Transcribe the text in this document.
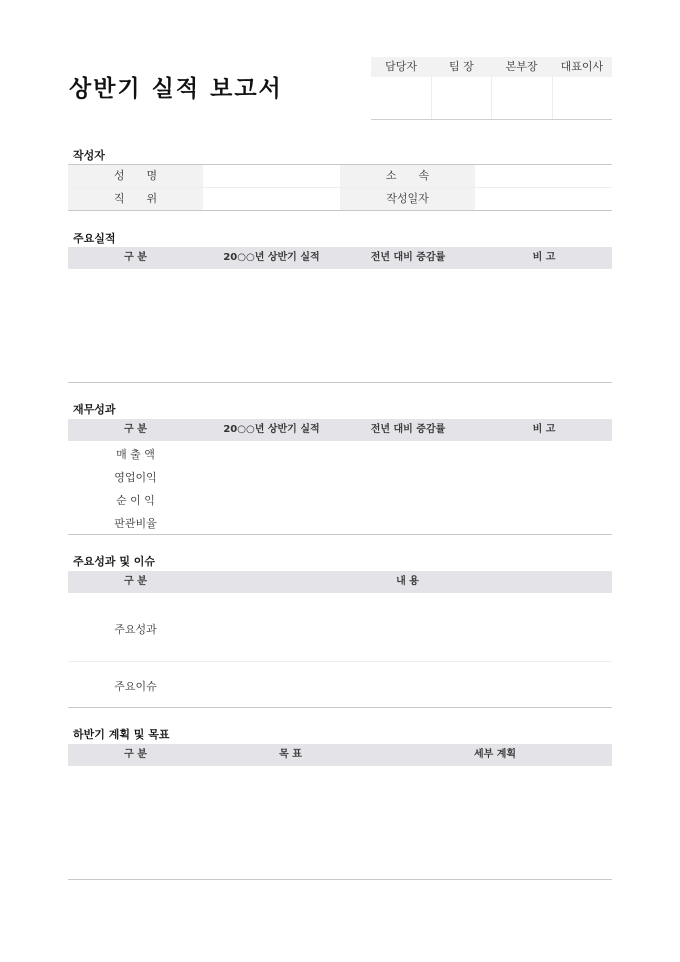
상반기 실적 보고서
담당자	팀 장	본부장	대표이사
작성자
성　　명	소　　속
직　　위	작성일자
주요실적
구 분	20○○년 상반기 실적	전년 대비 증감률	비 고
재무성과
구 분	20○○년 상반기 실적	전년 대비 증감률	비 고
매 출 액
영업이익
순 이 익
판관비율
주요성과 및 이슈
구 분	내 용
주요성과
주요이슈
하반기 계획 및 목표
구 분	목 표	세부 계획
